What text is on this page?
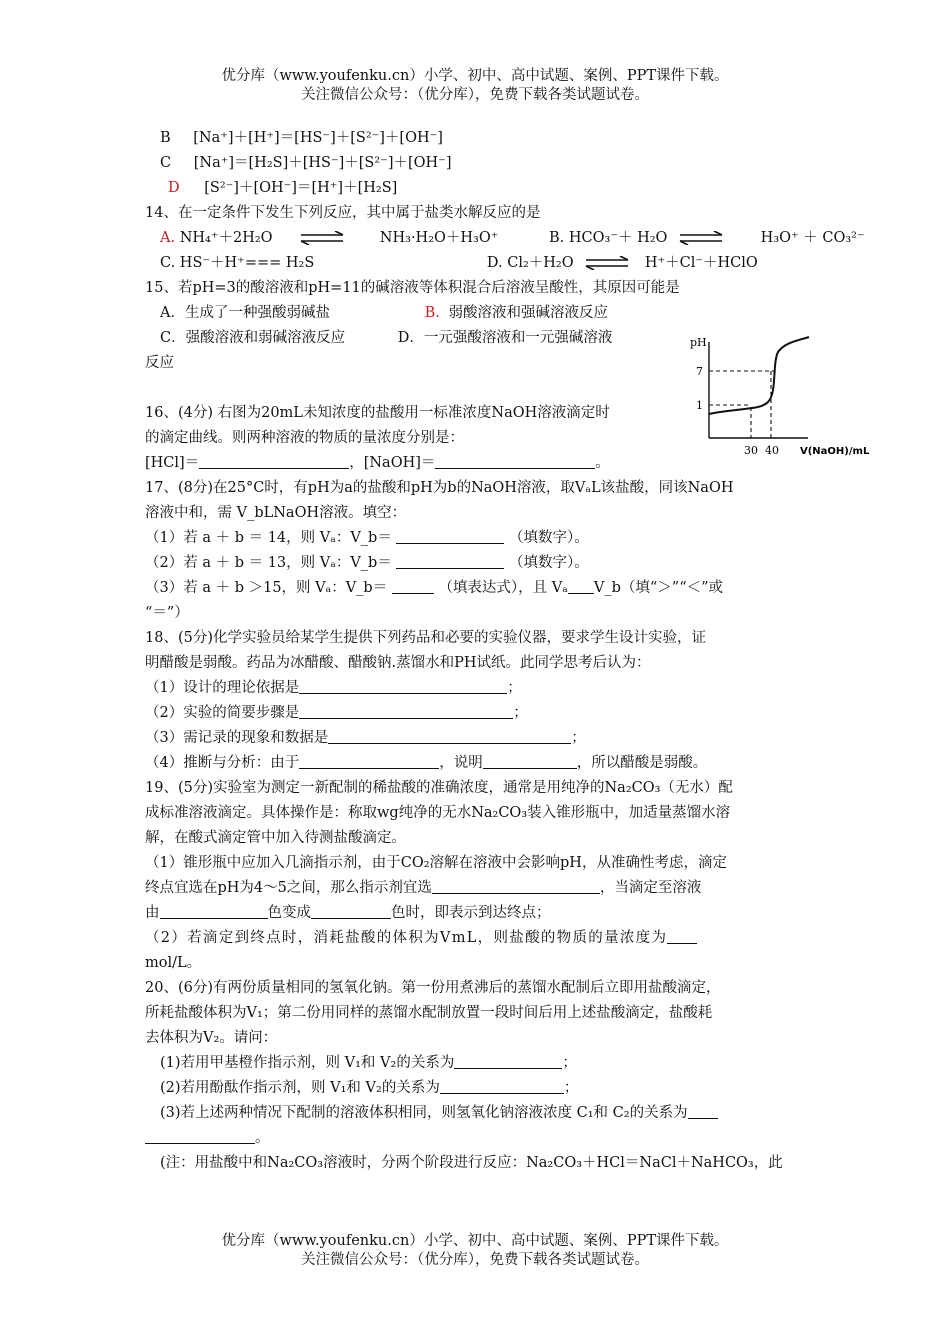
优分库（www.youfenku.cn）小学、初中、高中试题、案例、PPT课件下载。
关注微信公众号：（优分库），免费下载各类试题试卷。
B [Na⁺]＋[H⁺]＝[HS⁻]＋[S²⁻]＋[OH⁻]
C [Na⁺]＝[H₂S]＋[HS⁻]＋[S²⁻]＋[OH⁻]
D [S²⁻]＋[OH⁻]＝[H⁺]＋[H₂S]
14、在一定条件下发生下列反应，其中属于盐类水解反应的是
A. NH₄⁺＋2H₂O	NH₃·H₂O＋H₃O⁺	B. HCO₃⁻＋ H₂O ⇌	H₃O⁺ ＋ CO₃²⁻
C. HS⁻＋H⁺=== H₂S	D. Cl₂＋H₂O ⇌ H⁺＋Cl⁻＋HClO
15、若pH=3的酸溶液和pH=11的碱溶液等体积混合后溶液呈酸性，其原因可能是
A．生成了一种强酸弱碱盐	B. 弱酸溶液和强碱溶液反应
C．强酸溶液和弱碱溶液反应	D．一元强酸溶液和一元强碱溶液
反应
pH
7
1
30 40 V(NaOH)/mL
16、(4分) 右图为20mL未知浓度的盐酸用一标准浓度NaOH溶液滴定时
的滴定曲线。则两种溶液的物质的量浓度分别是：
[HCl]＝	，[NaOH]＝	。
17、(8分)在25°C时，有pH为a的盐酸和pH为b的NaOH溶液，取VₐL该盐酸，同该NaOH
溶液中和，需 V_bLNaOH溶液。填空：
（1）若 a ＋ b ＝ 14，则 Vₐ：V_b＝	（填数字）。
（2）若 a ＋ b ＝ 13，则 Vₐ：V_b＝	（填数字）。
（3）若 a ＋ b ＞15，则 Vₐ：V_b＝	（填表达式），且 Vₐ V_b（填“＞”“＜”或
“＝”）
18、(5分)化学实验员给某学生提供下列药品和必要的实验仪器，要求学生设计实验，证
明醋酸是弱酸。药品为冰醋酸、醋酸钠.蒸馏水和PH试纸。此同学思考后认为：
（1）设计的理论依据是	；
（2）实验的简要步骤是	；
（3）需记录的现象和数据是	；
（4）推断与分析：由于	，说明	，所以醋酸是弱酸。
19、(5分)实验室为测定一新配制的稀盐酸的准确浓度，通常是用纯净的Na₂CO₃（无水）配
成标准溶液滴定。具体操作是：称取wg纯净的无水Na₂CO₃装入锥形瓶中，加适量蒸馏水溶
解，在酸式滴定管中加入待测盐酸滴定。
（1）锥形瓶中应加入几滴指示剂，由于CO₂溶解在溶液中会影响pH，从准确性考虑，滴定
终点宜选在pH为4～5之间，那么指示剂宜选	，当滴定至溶液
由	色变成	色时，即表示到达终点；
（2）若滴定到终点时，消耗盐酸的体积为VmL，则盐酸的物质的量浓度为
mol/L。
20、(6分)有两份质量相同的氢氧化钠。第一份用煮沸后的蒸馏水配制后立即用盐酸滴定，
所耗盐酸体积为V₁；第二份用同样的蒸馏水配制放置一段时间后用上述盐酸滴定，盐酸耗
去体积为V₂。请问：
(1)若用甲基橙作指示剂，则 V₁和 V₂的关系为	；
(2)若用酚酞作指示剂，则 V₁和 V₂的关系为	；
(3)若上述两种情况下配制的溶液体积相同，则氢氧化钠溶液浓度 C₁和 C₂的关系为
。
(注：用盐酸中和Na₂CO₃溶液时，分两个阶段进行反应：Na₂CO₃＋HCl＝NaCl＋NaHCO₃，此
优分库（www.youfenku.cn）小学、初中、高中试题、案例、PPT课件下载。
关注微信公众号：（优分库），免费下载各类试题试卷。
